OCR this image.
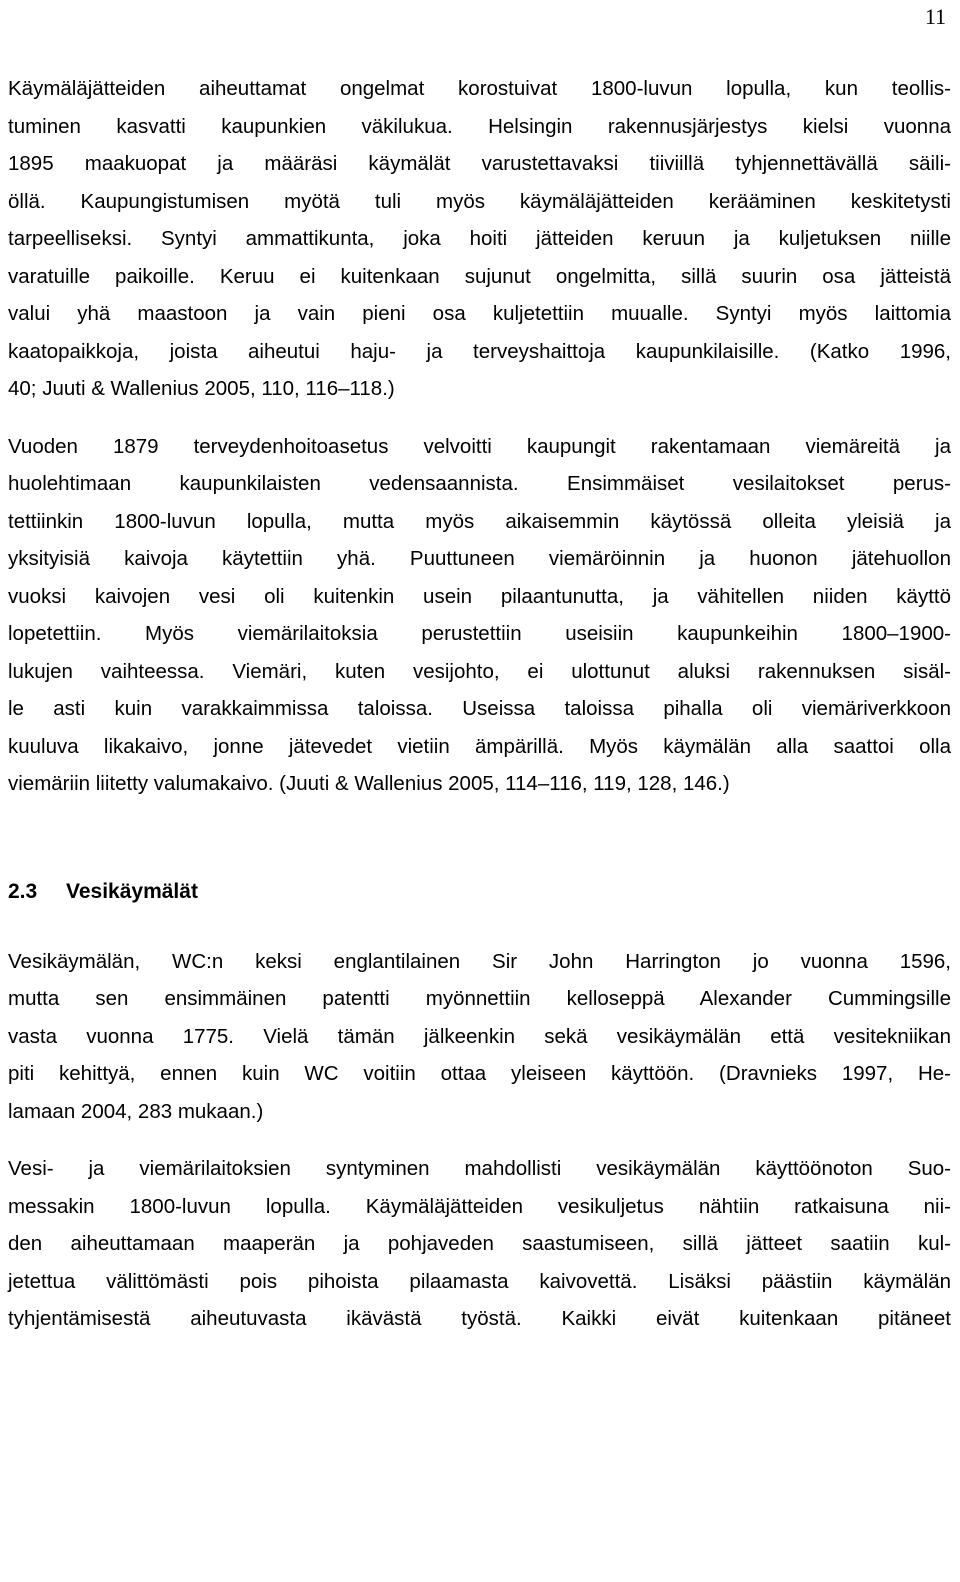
11

Käymäläjätteiden aiheuttamat ongelmat korostuivat 1800-luvun lopulla, kun teollis-
tuminen kasvatti kaupunkien väkilukua. Helsingin rakennusjärjestys kielsi vuonna
1895 maakuopat ja määräsi käymälät varustettavaksi tiiviillä tyhjennettävällä säili-
öllä. Kaupungistumisen myötä tuli myös käymäläjätteiden kerääminen keskitetysti
tarpeelliseksi. Syntyi ammattikunta, joka hoiti jätteiden keruun ja kuljetuksen niille
varatuille paikoille. Keruu ei kuitenkaan sujunut ongelmitta, sillä suurin osa jätteistä
valui yhä maastoon ja vain pieni osa kuljetettiin muualle. Syntyi myös laittomia
kaatopaikkoja, joista aiheutui haju- ja terveyshaittoja kaupunkilaisille. (Katko 1996,
40; Juuti & Wallenius 2005, 110, 116–118.)

Vuoden 1879 terveydenhoitoasetus velvoitti kaupungit rakentamaan viemäreitä ja
huolehtimaan kaupunkilaisten vedensaannista. Ensimmäiset vesilaitokset perus-
tettiinkin 1800-luvun lopulla, mutta myös aikaisemmin käytössä olleita yleisiä ja
yksityisiä kaivoja käytettiin yhä. Puuttuneen viemäröinnin ja huonon jätehuollon
vuoksi kaivojen vesi oli kuitenkin usein pilaantunutta, ja vähitellen niiden käyttö
lopetettiin. Myös viemärilaitoksia perustettiin useisiin kaupunkeihin 1800–1900-
lukujen vaihteessa. Viemäri, kuten vesijohto, ei ulottunut aluksi rakennuksen sisäl-
le asti kuin varakkaimmissa taloissa. Useissa taloissa pihalla oli viemäriverkkoon
kuuluva likakaivo, jonne jätevedet vietiin ämpärillä. Myös käymälän alla saattoi olla
viemäriin liitetty valumakaivo. (Juuti & Wallenius 2005, 114–116, 119, 128, 146.)

2.3 Vesikäymälät

Vesikäymälän, WC:n keksi englantilainen Sir John Harrington jo vuonna 1596,
mutta sen ensimmäinen patentti myönnettiin kelloseppä Alexander Cummingsille
vasta vuonna 1775. Vielä tämän jälkeenkin sekä vesikäymälän että vesitekniikan
piti kehittyä, ennen kuin WC voitiin ottaa yleiseen käyttöön. (Dravnieks 1997, He-
lamaan 2004, 283 mukaan.)

Vesi- ja viemärilaitoksien syntyminen mahdollisti vesikäymälän käyttöönoton Suo-
messakin 1800-luvun lopulla. Käymäläjätteiden vesikuljetus nähtiin ratkaisuna nii-
den aiheuttamaan maaperän ja pohjaveden saastumiseen, sillä jätteet saatiin kul-
jetettua välittömästi pois pihoista pilaamasta kaivovettä. Lisäksi päästiin käymälän
tyhjentämisestä aiheutuvasta ikävästä työstä. Kaikki eivät kuitenkaan pitäneet
